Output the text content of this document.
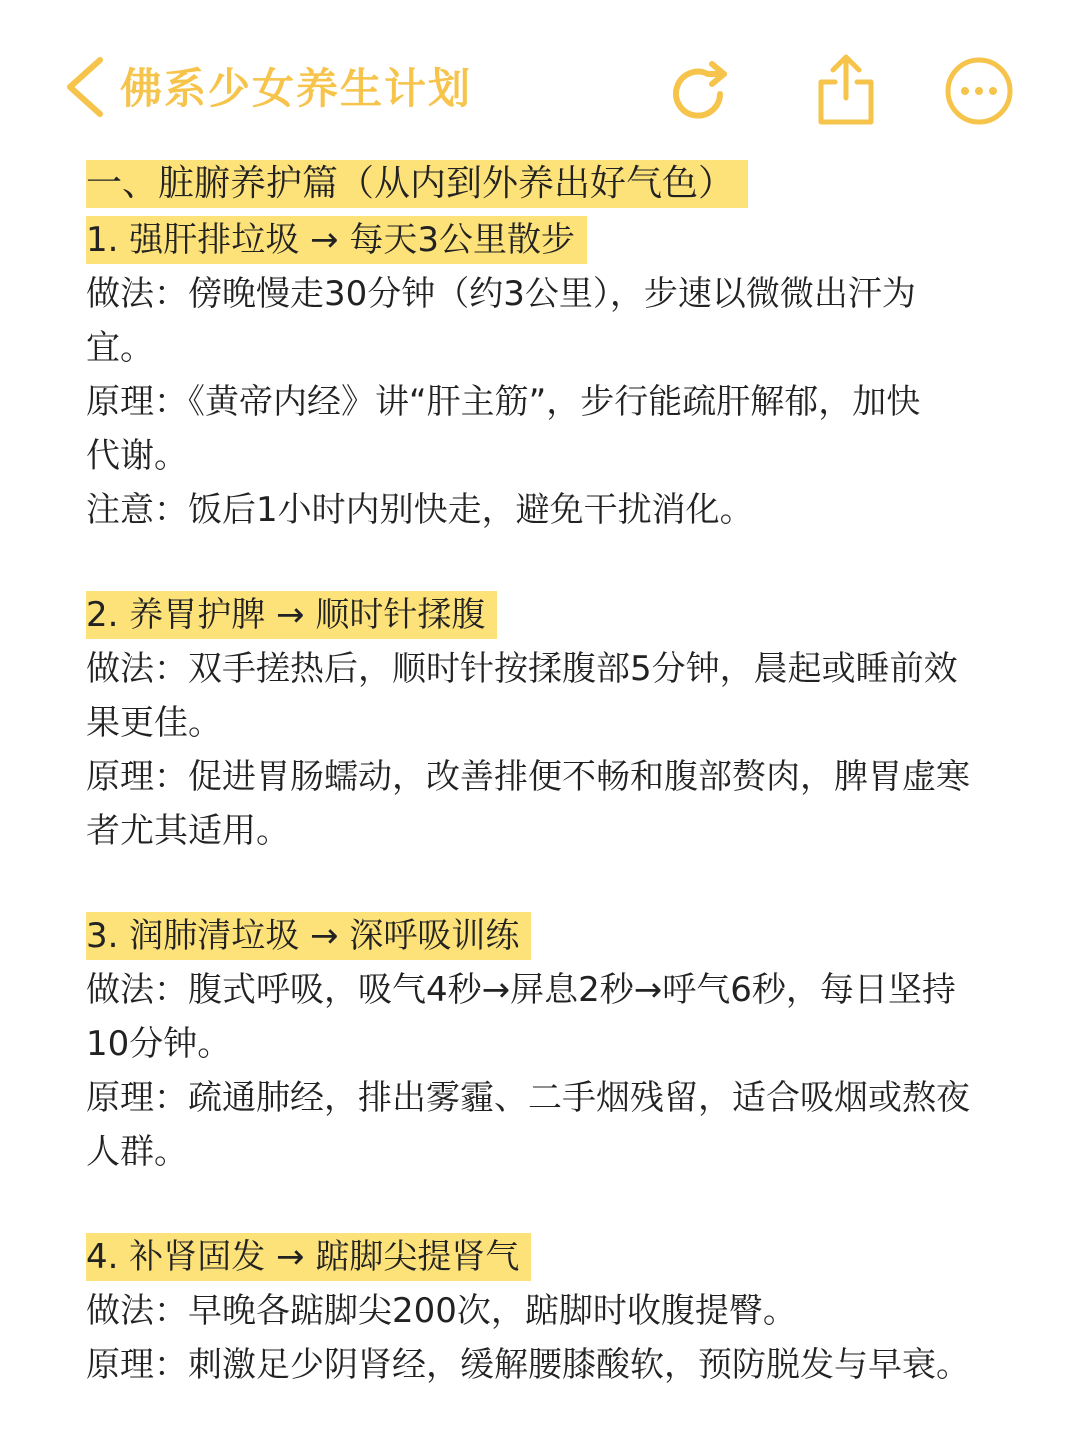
佛系少女养生计划
一、脏腑养护篇（从内到外养出好气色）
1. 强肝排垃圾 → 每天3公里散步
做法：傍晚慢走30分钟（约3公里），步速以微微出汗为
宜。
原理：《黄帝内经》讲“肝主筋”，步行能疏肝解郁，加快
代谢。
注意：饭后1小时内别快走，避免干扰消化。
2. 养胃护脾 → 顺时针揉腹
做法：双手搓热后，顺时针按揉腹部5分钟，晨起或睡前效
果更佳。
原理：促进胃肠蠕动，改善排便不畅和腹部赘肉，脾胃虚寒
者尤其适用。
3. 润肺清垃圾 → 深呼吸训练
做法：腹式呼吸，吸气4秒→屏息2秒→呼气6秒，每日坚持
10分钟。
原理：疏通肺经，排出雾霾、二手烟残留，适合吸烟或熬夜
人群。
4. 补肾固发 → 踮脚尖提肾气
做法：早晚各踮脚尖200次，踮脚时收腹提臀。
原理：刺激足少阴肾经，缓解腰膝酸软，预防脱发与早衰。
